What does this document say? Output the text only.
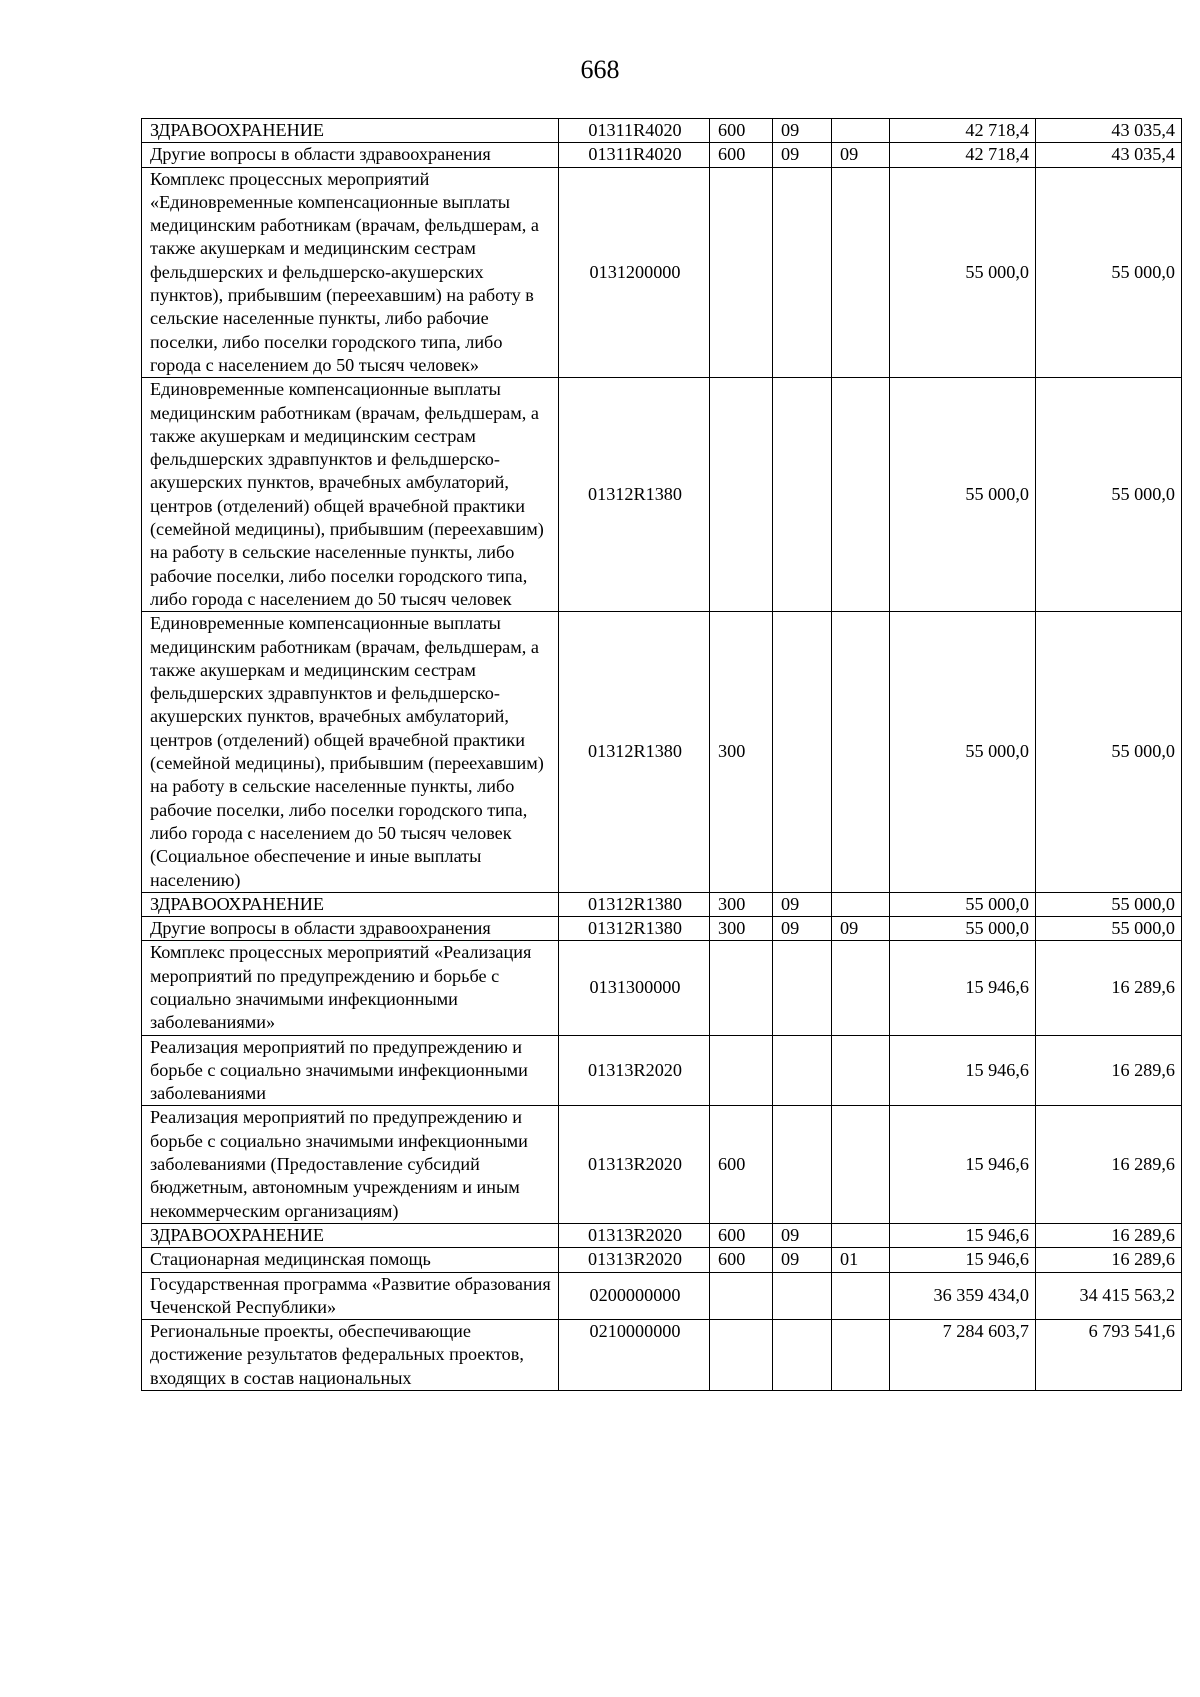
668
ЗДРАВООХРАНЕНИЕ	01311R4020	600	09		42 718,4	43 035,4
Другие вопросы в области здравоохранения	01311R4020	600	09	09	42 718,4	43 035,4
Комплекс процессных мероприятий «Единовременные компенсационные выплаты медицинским работникам (врачам, фельдшерам, а также акушеркам и медицинским сестрам фельдшерских и фельдшерско-акушерских пунктов), прибывшим (переехавшим) на работу в сельские населенные пункты, либо рабочие поселки, либо поселки городского типа, либо города с населением до 50 тысяч человек»	0131200000				55 000,0	55 000,0
Единовременные компенсационные выплаты медицинским работникам (врачам, фельдшерам, а также акушеркам и медицинским сестрам фельдшерских здравпунктов и фельдшерско-акушерских пунктов, врачебных амбулаторий, центров (отделений) общей врачебной практики (семейной медицины), прибывшим (переехавшим) на работу в сельские населенные пункты, либо рабочие поселки, либо поселки городского типа, либо города с населением до 50 тысяч человек	01312R1380				55 000,0	55 000,0
Единовременные компенсационные выплаты медицинским работникам (врачам, фельдшерам, а также акушеркам и медицинским сестрам фельдшерских здравпунктов и фельдшерско-акушерских пунктов, врачебных амбулаторий, центров (отделений) общей врачебной практики (семейной медицины), прибывшим (переехавшим) на работу в сельские населенные пункты, либо рабочие поселки, либо поселки городского типа, либо города с населением до 50 тысяч человек (Социальное обеспечение и иные выплаты населению)	01312R1380	300			55 000,0	55 000,0
ЗДРАВООХРАНЕНИЕ	01312R1380	300	09		55 000,0	55 000,0
Другие вопросы в области здравоохранения	01312R1380	300	09	09	55 000,0	55 000,0
Комплекс процессных мероприятий «Реализация мероприятий по предупреждению и борьбе с социально значимыми инфекционными заболеваниями»	0131300000				15 946,6	16 289,6
Реализация мероприятий по предупреждению и борьбе с социально значимыми инфекционными заболеваниями	01313R2020				15 946,6	16 289,6
Реализация мероприятий по предупреждению и борьбе с социально значимыми инфекционными заболеваниями (Предоставление субсидий бюджетным, автономным учреждениям и иным некоммерческим организациям)	01313R2020	600			15 946,6	16 289,6
ЗДРАВООХРАНЕНИЕ	01313R2020	600	09		15 946,6	16 289,6
Стационарная медицинская помощь	01313R2020	600	09	01	15 946,6	16 289,6
Государственная программа «Развитие образования Чеченской Республики»	0200000000				36 359 434,0	34 415 563,2
Региональные проекты, обеспечивающие достижение результатов федеральных проектов, входящих в состав национальных	0210000000				7 284 603,7	6 793 541,6
